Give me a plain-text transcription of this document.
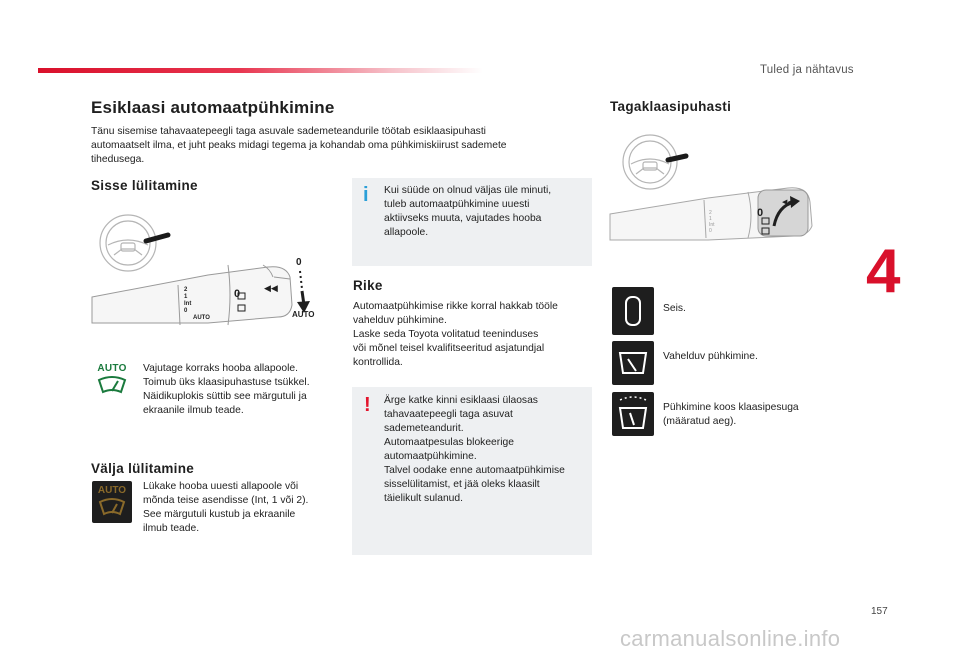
Tuled ja nähtavus
4
Esiklaasi automaatpühkimine
Tänu sisemise tahavaatepeegli taga asuvale sademeteandurile töötab esiklaasipuhasti
automaatselt ilma, et juht peaks midagi tegema ja kohandab oma pühkimiskiirust sademete
tihedusega.
Sisse lülitamine
2
1
Int
0
AUTO
0	◀◀
0
AUTO
AUTO Vajutage korraks hooba allapoole.
Toimub üks klaasipuhastuse tsükkel.
Näidikuplokis süttib see märgutuli ja
ekraanile ilmub teade.
Välja lülitamine
AUTO	Lükake hooba uuesti allapoole või
mõnda teise asendisse (Int, 1 või 2).
See märgutuli kustub ja ekraanile
ilmub teade.
i Kui süüde on olnud väljas üle minuti,
tuleb automaatpühkimine uuesti
aktiivseks muuta, vajutades hooba
allapoole.
Rike
Automaatpühkimise rikke korral hakkab tööle
vahelduv pühkimine.
Laske seda Toyota volitatud teeninduses
või mõnel teisel kvalifitseeritud asjatundjal
kontrollida.
! Ärge katke kinni esiklaasi ülaosas
tahavaatepeegli taga asuvat
sademeteandurit.
Automaatpesulas blokeerige
automaatpühkimine.
Talvel oodake enne automaatpühkimise
sisselülitamist, et jää oleks klaasilt
täielikult sulanud.
Tagaklaasipuhasti
2
1
Int
0
0
◀◀
Seis.
Vahelduv pühkimine.
Pühkimine koos klaasipesuga
(määratud aeg).
157
carmanualsonline.info
